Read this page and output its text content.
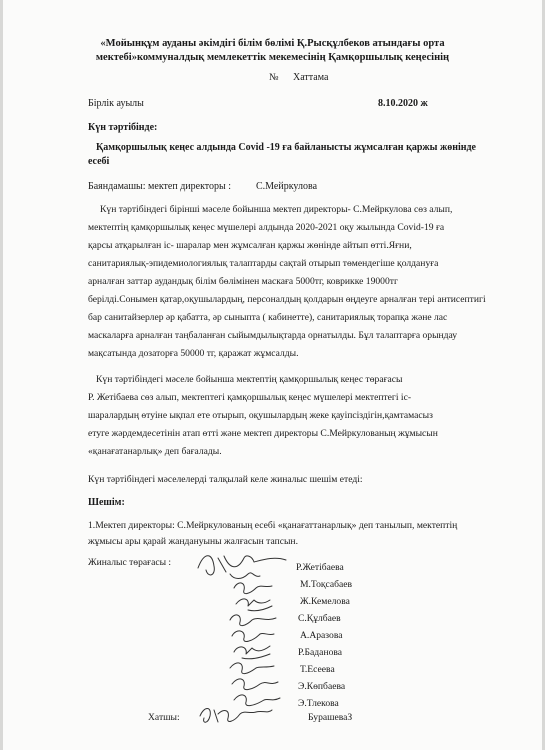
«Мойынқұм ауданы әкімдігі білім бөлімі Қ.Рысқұлбеков атындағы орта
мектебі»коммуналдық мемлекеттік мекемесінің Қамқоршылық кеңесінің
№ Хаттама
Бірлік ауылы	8.10.2020 ж
Күн тәртібінде:
Қамқоршылық кеңес алдында Covid -19 ға байланысты жұмсалған қаржы жөнінде
есебі
Баяндамашы: мектеп директоры : С.Мейркулова
Күн тәртібіндегі бірінші мәселе бойынша мектеп директоры- С.Мейркулова сөз алып,
мектептің қамқоршылық кеңес мүшелері алдында 2020-2021 оқу жылында Covid-19 ға
қарсы атқарылған іс- шаралар мен жұмсалған қаржы жөнінде айтып өтті.Яғни,
санитариялық-эпидемиологиялық талаптарды сақтай отырып төмендегіше қолдануға
арналған заттар аудандық білім бөлімінен маскаға 5000тг, коврикке 19000тг
берілді.Сонымен қатар,оқушылардың, персоналдың қолдарын өңдеуге арналған тері антисептигі
бар санитайзерлер әр қабатта, әр сыныпта ( кабинетте), санитариялық торапқа және лас
маскаларға арналған таңбаланған сыйымдылықтарда орнатылды. Бұл талаптарға орындау
мақсатында дозаторға 50000 тг, қаражат жұмсалды.
Күн тәртібіндегі мәселе бойынша мектептің қамқоршылық кеңес төрағасы
Р. Жетібаева сөз алып, мектептегі қамқоршылық кеңес мүшелері мектептегі іс-
шаралардың өтуіне ықпал ете отырып, оқушылардың жеке қауіпсіздігін,қамтамасыз
етуге жәрдемдесетінін атап өтті және мектеп директоры С.Мейркулованың жұмысын
«қанағатанарлық» деп бағалады.
Күн тәртібіндегі мәселелерді талқылай келе жиналыс шешім етеді:
Шешім:
1.Мектеп директоры: С.Мейркулованың есебі «қанағаттанарлық» деп танылып, мектептің
жұмысы ары қарай жандануыны жалғасын тапсын.
Жиналыс төрағасы :	Р.Жетібаева
М.Тоқсабаев
Ж.Кемелова
С.Құлбаев
А.Аразова
Р.Баданова
Т.Есеева
Э.Көпбаева
Э.Тлекова
Хатшы:	БурашеваЗ
